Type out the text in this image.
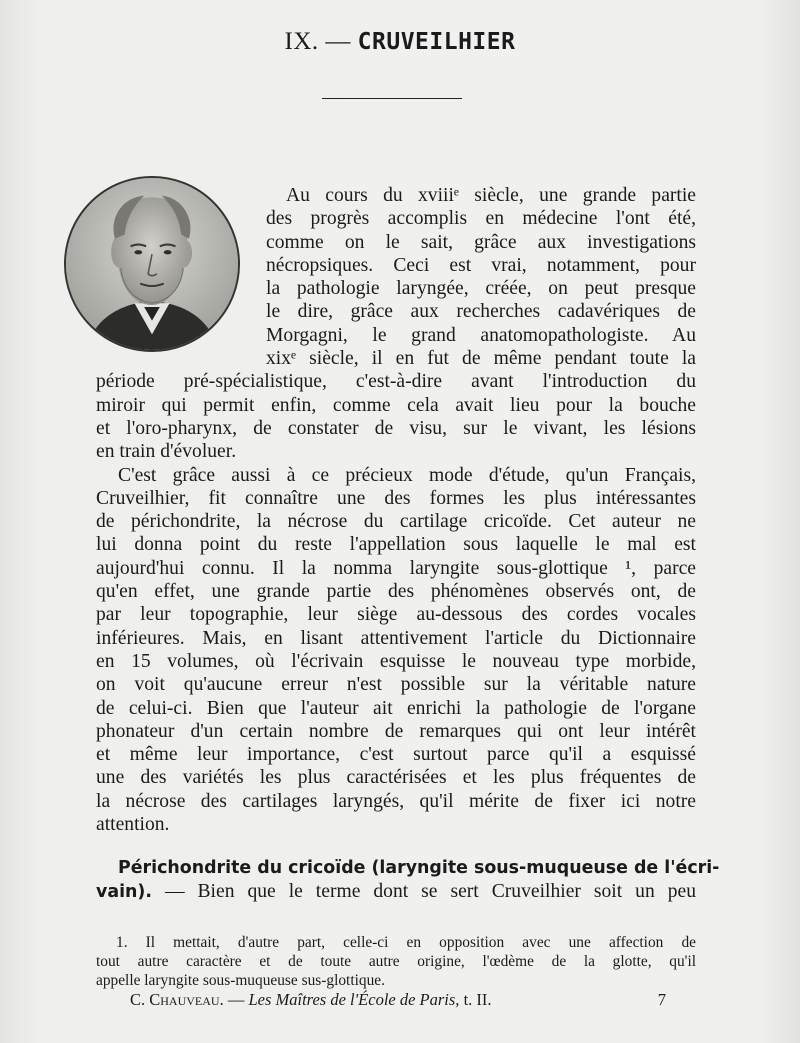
IX. — CRUVEILHIER
Au cours du xviiiᵉ siècle, une grande partie
des progrès accomplis en médecine l'ont été,
comme on le sait, grâce aux investigations
nécropsiques. Ceci est vrai, notamment, pour
la pathologie laryngée, créée, on peut presque
le dire, grâce aux recherches cadavériques de
Morgagni, le grand anatomopathologiste. Au
xixᵉ siècle, il en fut de même pendant toute la
période pré-spécialistique, c'est-à-dire avant l'introduction du
miroir qui permit enfin, comme cela avait lieu pour la bouche
et l'oro-pharynx, de constater de visu, sur le vivant, les lésions
en train d'évoluer.
C'est grâce aussi à ce précieux mode d'étude, qu'un Français,
Cruveilhier, fit connaître une des formes les plus intéressantes
de périchondrite, la nécrose du cartilage cricoïde. Cet auteur ne
lui donna point du reste l'appellation sous laquelle le mal est
aujourd'hui connu. Il la nomma laryngite sous-glottique ¹, parce
qu'en effet, une grande partie des phénomènes observés ont, de
par leur topographie, leur siège au-dessous des cordes vocales
inférieures. Mais, en lisant attentivement l'article du Dictionnaire
en 15 volumes, où l'écrivain esquisse le nouveau type morbide,
on voit qu'aucune erreur n'est possible sur la véritable nature
de celui-ci. Bien que l'auteur ait enrichi la pathologie de l'organe
phonateur d'un certain nombre de remarques qui ont leur intérêt
et même leur importance, c'est surtout parce qu'il a esquissé
une des variétés les plus caractérisées et les plus fréquentes de
la nécrose des cartilages laryngés, qu'il mérite de fixer ici notre
attention.
Périchondrite du cricoïde (laryngite sous-muqueuse de l'écri-
vain). — Bien que le terme dont se sert Cruveilhier soit un peu
1. Il mettait, d'autre part, celle-ci en opposition avec une affection de
tout autre caractère et de toute autre origine, l'œdème de la glotte, qu'il
appelle laryngite sous-muqueuse sus-glottique.
C. Chauveau. — Les Maîtres de l'École de Paris, t. II.	7
